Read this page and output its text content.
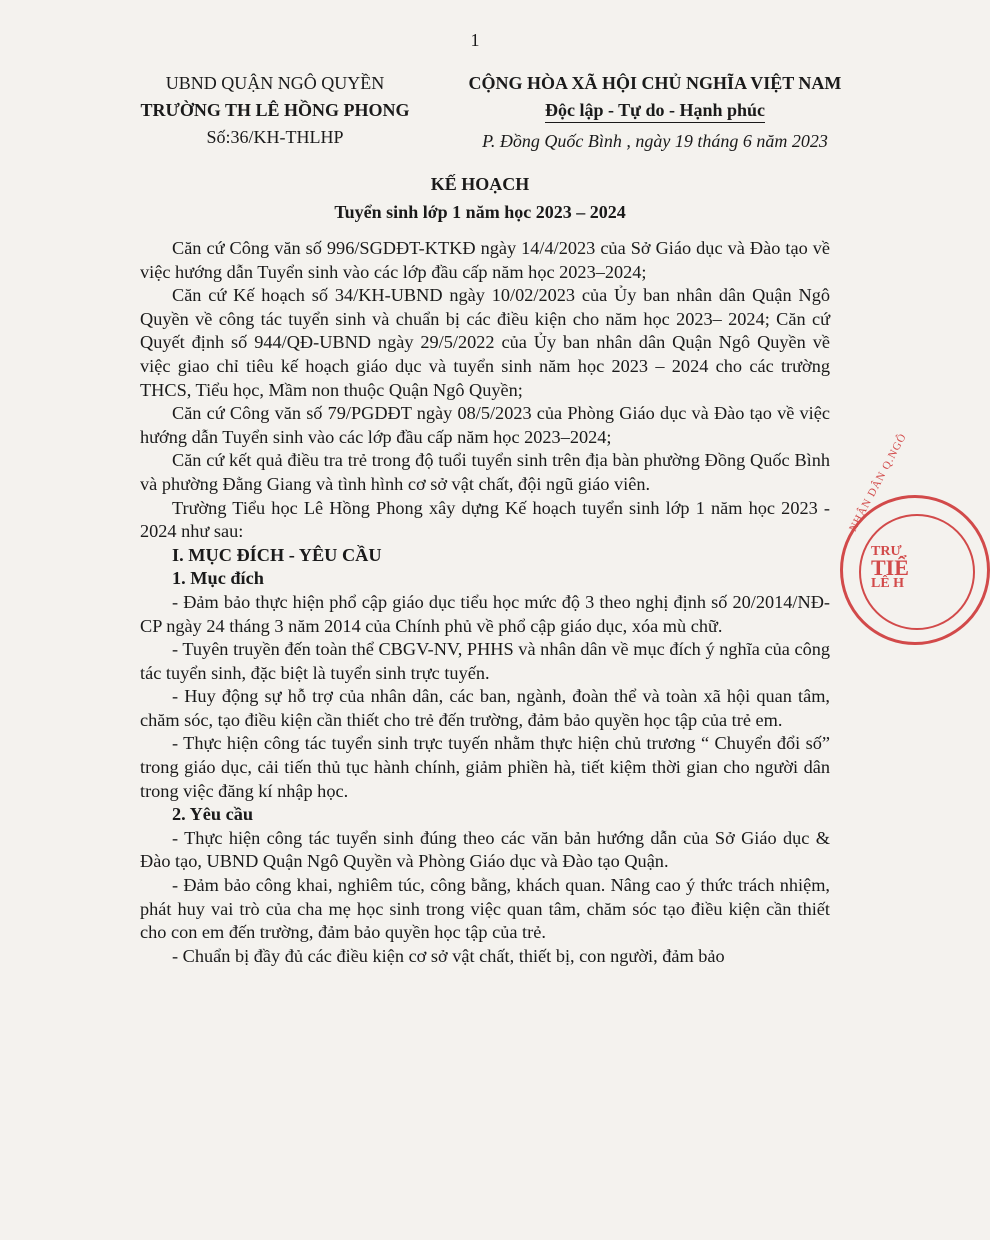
1
UBND QUẬN NGÔ QUYỀN
TRƯỜNG TH LÊ HỒNG PHONG
Số:36/KH-THLHP
CỘNG HÒA XÃ HỘI CHỦ NGHĨA VIỆT NAM
Độc lập - Tự do - Hạnh phúc
P. Đồng Quốc Bình , ngày 19 tháng 6 năm 2023
KẾ HOẠCH
Tuyển sinh lớp 1 năm học 2023 – 2024

Căn cứ Công văn số 996/SGDĐT-KTKĐ ngày 14/4/2023 của Sở Giáo dục và Đào tạo về việc hướng dẫn Tuyển sinh vào các lớp đầu cấp năm học 2023–2024;

Căn cứ Kế hoạch số 34/KH-UBND ngày 10/02/2023 của Ủy ban nhân dân Quận Ngô Quyền về công tác tuyển sinh và chuẩn bị các điều kiện cho năm học 2023– 2024; Căn cứ Quyết định số 944/QĐ-UBND ngày 29/5/2022 của Ủy ban nhân dân Quận Ngô Quyền về việc giao chỉ tiêu kế hoạch giáo dục và tuyển sinh năm học 2023 – 2024 cho các trường THCS, Tiểu học, Mầm non thuộc Quận Ngô Quyền;

Căn cứ Công văn số 79/PGDĐT ngày 08/5/2023 của Phòng Giáo dục và Đào tạo về việc hướng dẫn Tuyển sinh vào các lớp đầu cấp năm học 2023–2024;

Căn cứ kết quả điều tra trẻ trong độ tuổi tuyển sinh trên địa bàn phường Đồng Quốc Bình và phường Đằng Giang và tình hình cơ sở vật chất, đội ngũ giáo viên.

Trường Tiểu học Lê Hồng Phong xây dựng Kế hoạch tuyển sinh lớp 1 năm học 2023 - 2024 như sau:

I. MỤC ĐÍCH - YÊU CẦU
1. Mục đích

- Đảm bảo thực hiện phổ cập giáo dục tiểu học mức độ 3 theo nghị định số 20/2014/NĐ-CP ngày 24 tháng 3 năm 2014 của Chính phủ về phổ cập giáo dục, xóa mù chữ.

- Tuyên truyền đến toàn thể CBGV-NV, PHHS và nhân dân về mục đích ý nghĩa của công tác tuyển sinh, đặc biệt là tuyển sinh trực tuyến.

- Huy động sự hỗ trợ của nhân dân, các ban, ngành, đoàn thể và toàn xã hội quan tâm, chăm sóc, tạo điều kiện cần thiết cho trẻ đến trường, đảm bảo quyền học tập của trẻ em.

- Thực hiện công tác tuyển sinh trực tuyến nhằm thực hiện chủ trương “ Chuyển đổi số” trong giáo dục, cải tiến thủ tục hành chính, giảm phiền hà, tiết kiệm thời gian cho người dân trong việc đăng kí nhập học.

2. Yêu cầu

- Thực hiện công tác tuyển sinh đúng theo các văn bản hướng dẫn của Sở Giáo dục & Đào tạo, UBND Quận Ngô Quyền và Phòng Giáo dục và Đào tạo Quận.

- Đảm bảo công khai, nghiêm túc, công bằng, khách quan. Nâng cao ý thức trách nhiệm, phát huy vai trò của cha mẹ học sinh trong việc quan tâm, chăm sóc tạo điều kiện cần thiết cho con em đến trường, đảm bảo quyền học tập của trẻ.

- Chuẩn bị đầy đủ các điều kiện cơ sở vật chất, thiết bị, con người, đảm bảo

NHÂN DÂN Q.NGÔ
TRƯ
TIỂ
LÊ H
